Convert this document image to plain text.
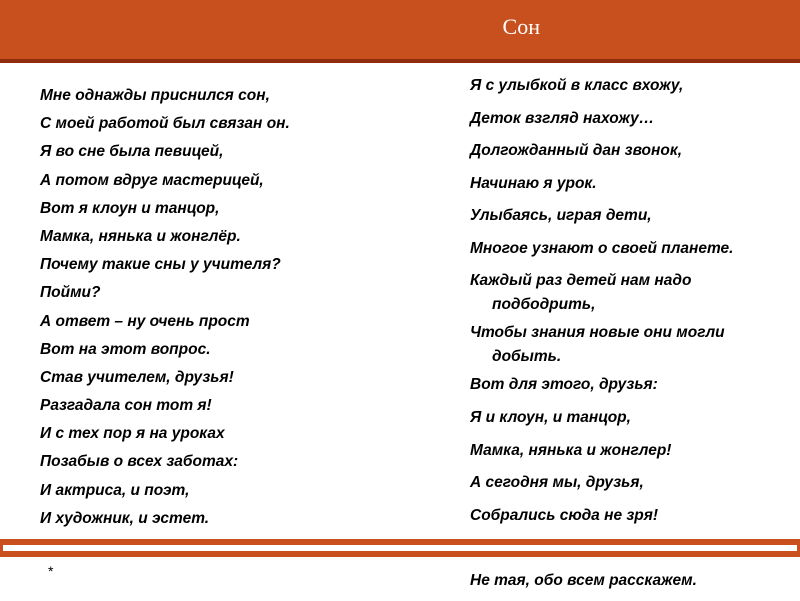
Сон
Мне однажды приснился сон,
С моей работой был связан он.
Я во сне была певицей,
А потом вдруг мастерицей,
Вот я клоун и танцор,
Мамка, нянька и жонглёр.
Почему такие сны у учителя?
Пойми?
А ответ – ну очень прост
Вот на этот вопрос.
Став учителем, друзья!
Разгадала сон тот я!
И с тех пор я на уроках
Позабыв о всех заботах:
И актриса, и поэт,
И художник, и эстет.
Я с улыбкой в класс вхожу,
Деток взгляд нахожу…
Долгожданный дан звонок,
Начинаю я урок.
Улыбаясь, играя дети,
Многое узнают о своей планете.
Каждый раз детей нам надо подбодрить,
Чтобы знания новые они могли добыть.
Вот для этого, друзья:
Я и клоун, и танцор,
Мамка, нянька и жонглер!
А сегодня мы, друзья,
Собрались сюда не зря!
Не тая, обо всем расскажем.
*
